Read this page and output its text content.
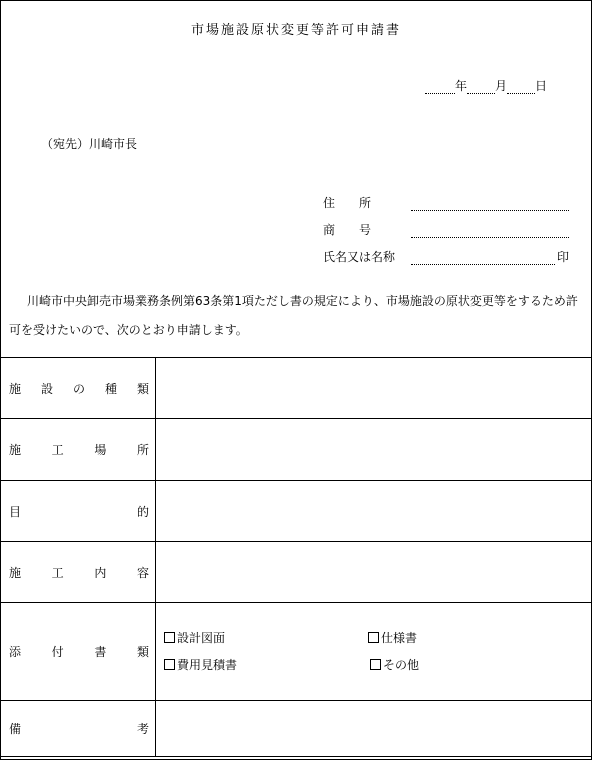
市場施設原状変更等許可申請書
年 月 日
（宛先）川崎市長
住　　所
商　　号
氏名又は名称	印
川崎市中央卸売市場業務条例第63条第1項ただし書の規定により、市場施設の原状変更等をするため許可を受けたいので、次のとおり申請します。
施設の種類	
施工場所	
目的	
施工内容	
添付書類	設計図面 仕様書
費用見積書 その他

備考	
